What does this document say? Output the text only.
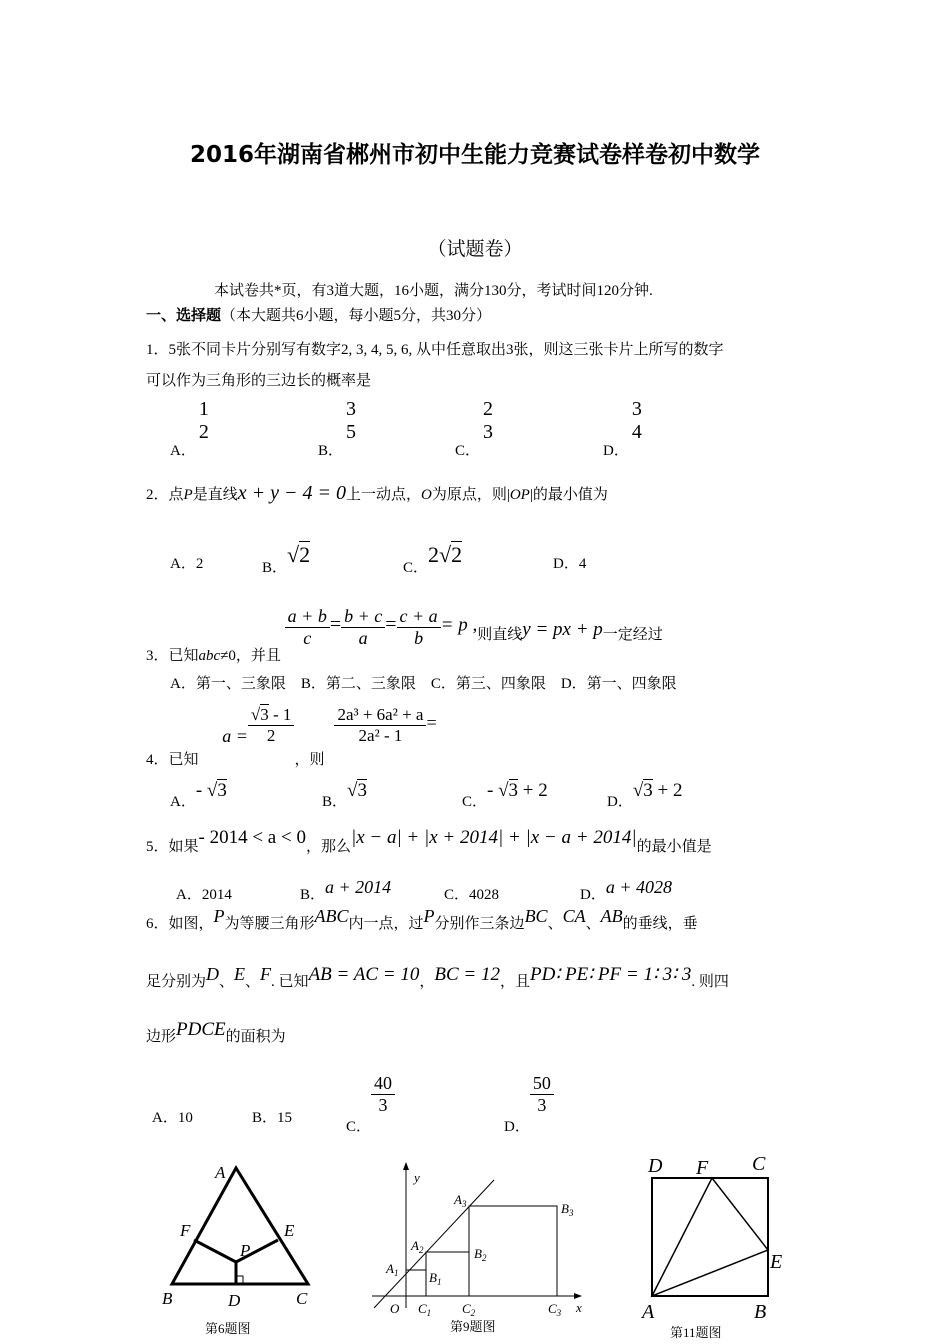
2016年湖南省郴州市初中生能力竞赛试卷样卷初中数学
（试题卷）
本试卷共*页，有3道大题，16小题，满分130分，考试时间120分钟.
一、选择题（本大题共6小题，每小题5分，共30分）
1．5张不同卡片分别写有数字2, 3, 4, 5, 6, 从中任意取出3张，则这三张卡片上所写的数字
可以作为三角形的三边长的概率是
A．
1
2
B．
3
5
C．
2
3
D．
3
4
2．点P是直线x + y − 4 = 0上一动点，O为原点，则|OP|的最小值为
A．2	B．√2
C．2√2	D．4
3．已知abc≠0，并且
$\frac{a + b}{c} = \frac{b + c}{a} = \frac{c + a}{b} = p$ ,则直线y = px + p一定经过
A．第一、三象限　B．第二、三象限　C．第三、四象限　D．第一、四象限
4．已知 $a = \frac{√3 - 1}{2}$
，则
$\frac{\text{2a³ + 6a² + a}}{\text{2a² - 1}}$ =
A．- √3
B．√3
C．- √3 + 2
D．√3 + 2
5．如果- 2014 < a < 0，那么|x − a| + |x + 2014| + |x − a + 2014|的最小值是
A．2014	B．a + 2014	C．4028	D．a + 4028
6．如图，P为等腰三角形ABC内一点，过P分别作三条边BC、CA、AB的垂线，垂
足分别为D、E、F. 已知AB = AC = 10，BC = 12，且PD∶ PE∶ PF = 1∶ 3∶ 3. 则四
边形PDCE的面积为
A．10	B．15
C．
$\frac{40}{3}$
D．
$\frac{50}{3}$
A
B	C
D
E
F
P
第6题图
y
x
O
$A_1$
$A_2$
$A_3$
$B_1$
$B_2$
$B_3$
$C_1$ $C_2$	$C_3$
第9题图
D F C
E
A	B
第11题图
